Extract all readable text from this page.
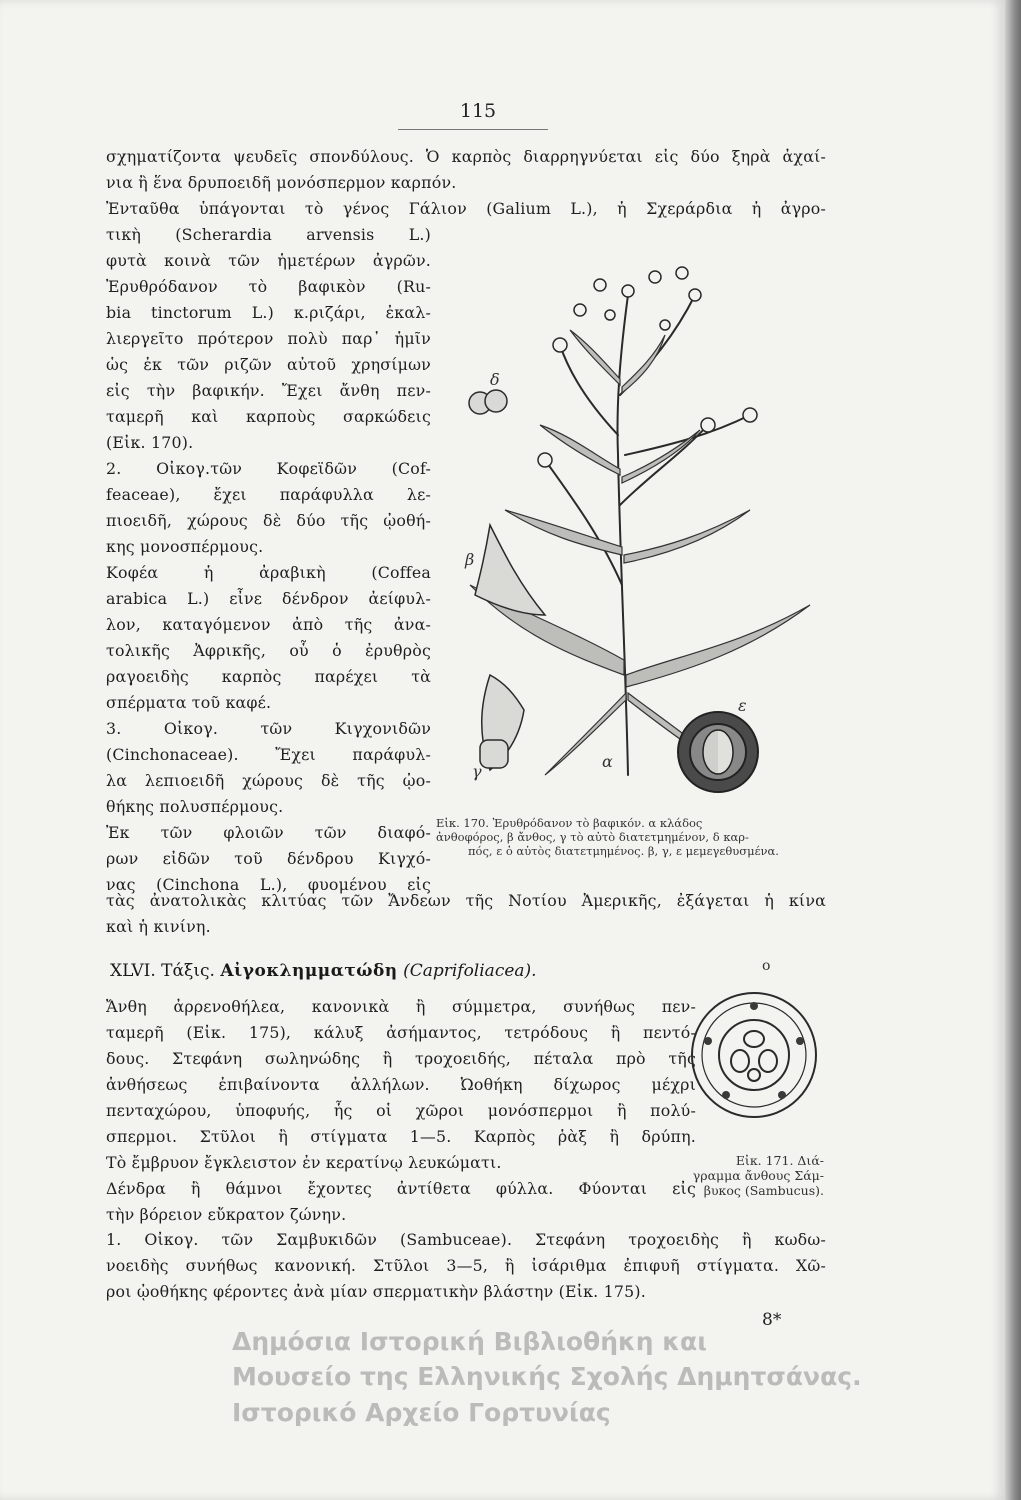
115
σχηματίζοντα ψευδεῖς σπονδύλους. Ὁ καρπὸς διαρρηγνύεται εἰς δύο ξηρὰ ἀχαί-
νια ἢ ἕνα δρυποειδῆ μονόσπερμον καρπόν.
Ἐνταῦθα ὑπάγονται τὸ γένος Γάλιον (Galium L.), ἡ Σχεράρδια ἡ ἀγρο-
τικὴ (Scherardia arvensis L.)
φυτὰ κοινὰ τῶν ἡμετέρων ἀγρῶν.
Ἐρυθρόδανον τὸ βαφικὸν (Ru-
bia tinctorum L.) κ.ριζάρι, ἐκαλ-
λιεργεῖτο πρότερον πολὺ παρ᾽ ἡμῖν
ὡς ἐκ τῶν ριζῶν αὐτοῦ χρησίμων
εἰς τὴν βαφικήν. Ἔχει ἄνθη πεν-
ταμερῆ καὶ καρποὺς σαρκώδεις
(Εἰκ. 170).
2. Οἰκογ.τῶν Κοφεϊδῶν (Cof-
feaceae), ἔχει παράφυλλα λε-
πιοειδῆ, χώρους δὲ δύο τῆς ᾠοθή-
κης μονοσπέρμους.
Κοφέα ἡ ἀραβικὴ (Coffea
arabica L.) εἶνε δένδρον ἀείφυλ-
λον, καταγόμενον ἀπὸ τῆς ἀνα-
τολικῆς Ἀφρικῆς, οὗ ὁ ἐρυθρὸς
ραγοειδὴς καρπὸς παρέχει τὰ
σπέρματα τοῦ καφέ.
3. Οἰκογ. τῶν Κιγχονιδῶν
(Cinchonaceae). Ἔχει παράφυλ-
λα λεπιοειδῆ χώρους δὲ τῆς ᾠο-
θήκης πολυσπέρμους.
Ἐκ τῶν φλοιῶν τῶν διαφό-
ρων εἰδῶν τοῦ δένδρου Κιγχό-
νας (Cinchona L.), φυομένου εἰς
τὰς ἀνατολικὰς κλιτύας τῶν Ἄνδεων τῆς Νοτίου Ἀμερικῆς, ἐξάγεται ἡ κίνα
καὶ ἡ κινίνη.
XLVI. Τάξις. Αἰγοκλημματώδη (Caprifoliacea).
Ἄνθη ἀρρενοθήλεα, κανονικὰ ἢ σύμμετρα, συνήθως πεν-
ταμερῆ (Εἰκ. 175), κάλυξ ἀσήμαντος, τετρόδους ἢ πεντό-
δους. Στεφάνη σωληνώδης ἢ τροχοειδής, πέταλα πρὸ τῆς
ἀνθήσεως ἐπιβαίνοντα ἀλλήλων. Ὠοθήκη δίχωρος μέχρι
πενταχώρου, ὑποφυής, ἧς οἱ χῶροι μονόσπερμοι ἢ πολύ-
σπερμοι. Στῦλοι ἢ στίγματα 1—5. Καρπὸς ῥὰξ ἢ δρύπη.
Τὸ ἔμβρυον ἔγκλειστον ἐν κερατίνῳ λευκώματι.
Δένδρα ἢ θάμνοι ἔχοντες ἀντίθετα φύλλα. Φύονται εἰς
τὴν βόρειον εὔκρατον ζώνην.
1. Οἰκογ. τῶν Σαμβυκιδῶν (Sambuceae). Στεφάνη τροχοειδὴς ἢ κωδω-
νοειδὴς συνήθως κανονική. Στῦλοι 3—5, ἢ ἰσάριθμα ἐπιφυῆ στίγματα. Χῶ-
ροι ᾠοθήκης φέροντες ἀνὰ μίαν σπερματικὴν βλάστην (Εἰκ. 175).
δ
β
γ
α
ε
Εἰκ. 170. Ἐρυθρόδανον τὸ βαφικόν. α κλάδος
ἀνθοφόρος, β ἄνθος, γ τὸ αὐτὸ διατετμημένον, δ καρ-
πός, ε ὁ αὐτὸς διατετμημένος. β, γ, ε μεμεγεθυσμένα.
o
Εἰκ. 171. Διά-
γραμμα ἄνθους Σάμ-
βυκος (Sambucus).
8*
Δημόσια Ιστορική Βιβλιοθήκη και
Μουσείο της Ελληνικής Σχολής Δημητσάνας.
Ιστορικό Αρχείο Γορτυνίας
